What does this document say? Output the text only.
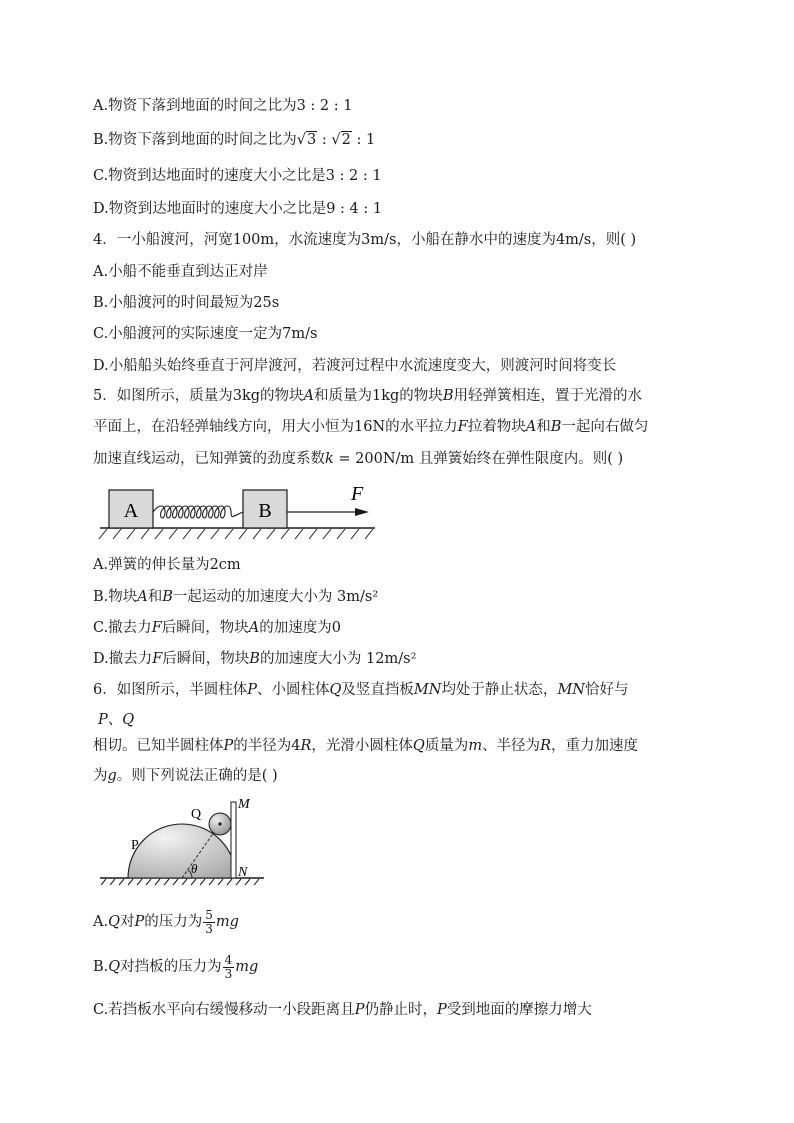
A.物资下落到地面的时间之比为3 : 2 : 1
B.物资下落到地面的时间之比为√3 : √2 : 1
C.物资到达地面时的速度大小之比是3 : 2 : 1
D.物资到达地面时的速度大小之比是9 : 4 : 1
4．一小船渡河，河宽100m，水流速度为3m/s，小船在静水中的速度为4m/s，则( )
A.小船不能垂直到达正对岸
B.小船渡河的时间最短为25s
C.小船渡河的实际速度一定为7m/s
D.小船船头始终垂直于河岸渡河，若渡河过程中水流速度变大，则渡河时间将变长
5．如图所示，质量为3kg的物块A和质量为1kg的物块B用轻弹簧相连，置于光滑的水
平面上，在沿轻弹轴线方向，用大小恒为16N的水平拉力F拉着物块A和B一起向右做匀
加速直线运动，已知弹簧的劲度系数k = 200N/m 且弹簧始终在弹性限度内。则( )
A	B
F
A.弹簧的伸长量为2cm
B.物块A和B一起运动的加速度大小为 3m/s²
C.撤去力F后瞬间，物块A的加速度为0
D.撤去力F后瞬间，物块B的加速度大小为 12m/s²
6．如图所示，半圆柱体P、小圆柱体Q及竖直挡板MN均处于静止状态，MN恰好与
P、Q
相切。已知半圆柱体P的半径为4R，光滑小圆柱体Q质量为m、半径为R，重力加速度
为g。则下列说法正确的是( )
θ
Q
M
P
N
A.Q对P的压力为 $\frac{5}{3}$ mg
B.Q对挡板的压力为 $\frac{4}{3}$ mg
C.若挡板水平向右缓慢移动一小段距离且P仍静止时，P受到地面的摩擦力增大
